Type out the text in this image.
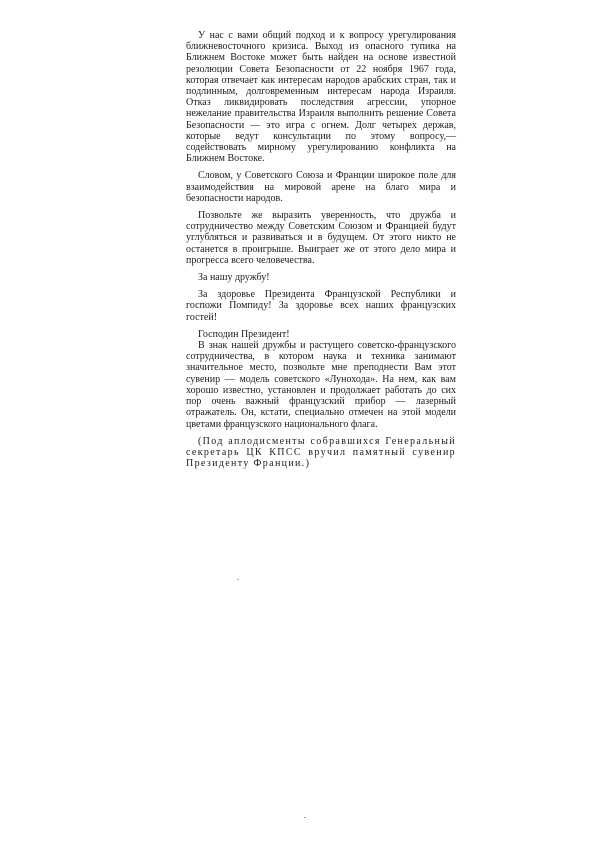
У нас с вами общий подход и к вопросу урегулирования ближневосточного кризиса. Выход из опасного тупика на Ближнем Востоке может быть найден на основе известной резолюции Совета Безопасности от 22 ноября 1967 года, которая отвечает как интересам народов арабских стран, так и подлинным, долговременным интересам народа Израиля. Отказ ликвидировать последствия агрессии, упорное нежелание правительства Израиля выполнить решение Совета Безопасности — это игра с огнем. Долг четырех держав, которые ведут консультации по этому вопросу,— содействовать мирному урегулированию конфликта на Ближнем Востоке.

Словом, у Советского Союза и Франции широкое поле для взаимодействия на мировой арене на благо мира и безопасности народов.

Позвольте же выразить уверенность, что дружба и сотрудничество между Советским Союзом и Францией будут углубляться и развиваться и в будущем. От этого никто не останется в проигрыше. Выиграет же от этого дело мира и прогресса всего человечества.

За нашу дружбу!

За здоровье Президента Французской Республики и госпожи Помпиду! За здоровье всех наших французских гостей!

Господин Президент!

В знак нашей дружбы и растущего советско-французского сотрудничества, в котором наука и техника занимают значительное место, позвольте мне преподнести Вам этот сувенир — модель советского «Лунохода». На нем, как вам хорошо известно, установлен и продолжает работать до сих пор очень важный французский прибор — лазерный отражатель. Он, кстати, специально отмечен на этой модели цветами французского национального флага.

(Под аплодисменты собравшихся Генеральный секретарь ЦК КПСС вручил памятный сувенир Президенту Франции.)
